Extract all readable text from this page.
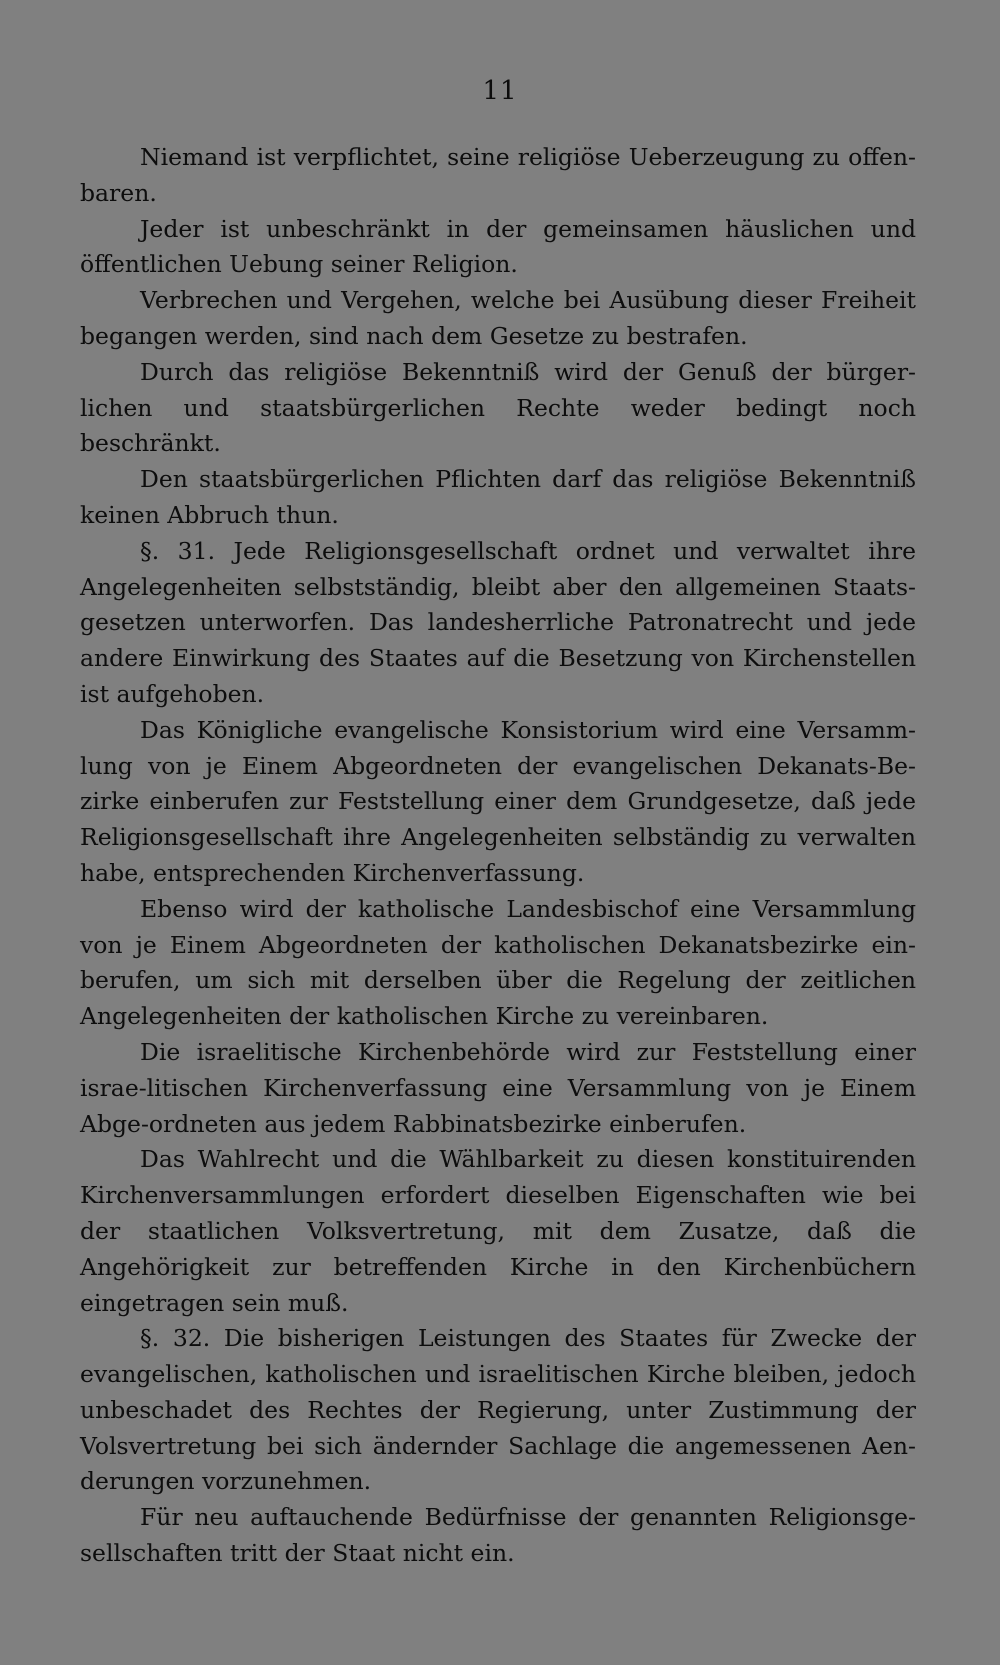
11

Niemand ist verpflichtet, seine religiöse Ueberzeugung zu offen-baren.

Jeder ist unbeschränkt in der gemeinsamen häuslichen und öffentlichen Uebung seiner Religion.

Verbrechen und Vergehen, welche bei Ausübung dieser Freiheit begangen werden, sind nach dem Gesetze zu bestrafen.

Durch das religiöse Bekenntniß wird der Genuß der bürger-lichen und staatsbürgerlichen Rechte weder bedingt noch beschränkt.

Den staatsbürgerlichen Pflichten darf das religiöse Bekenntniß keinen Abbruch thun.

§. 31. Jede Religionsgesellschaft ordnet und verwaltet ihre Angelegenheiten selbstständig, bleibt aber den allgemeinen Staats-gesetzen unterworfen. Das landesherrliche Patronatrecht und jede andere Einwirkung des Staates auf die Besetzung von Kirchenstellen ist aufgehoben.

Das Königliche evangelische Konsistorium wird eine Versamm-lung von je Einem Abgeordneten der evangelischen Dekanats-Be-zirke einberufen zur Feststellung einer dem Grundgesetze, daß jede Religionsgesellschaft ihre Angelegenheiten selbständig zu verwalten habe, entsprechenden Kirchenverfassung.

Ebenso wird der katholische Landesbischof eine Versammlung von je Einem Abgeordneten der katholischen Dekanatsbezirke ein-berufen, um sich mit derselben über die Regelung der zeitlichen Angelegenheiten der katholischen Kirche zu vereinbaren.

Die israelitische Kirchenbehörde wird zur Feststellung einer israe-litischen Kirchenverfassung eine Versammlung von je Einem Abge-ordneten aus jedem Rabbinatsbezirke einberufen.

Das Wahlrecht und die Wählbarkeit zu diesen konstituirenden Kirchenversammlungen erfordert dieselben Eigenschaften wie bei der staatlichen Volksvertretung, mit dem Zusatze, daß die Angehörigkeit zur betreffenden Kirche in den Kirchenbüchern eingetragen sein muß.

§. 32. Die bisherigen Leistungen des Staates für Zwecke der evangelischen, katholischen und israelitischen Kirche bleiben, jedoch unbeschadet des Rechtes der Regierung, unter Zustimmung der Volsvertretung bei sich ändernder Sachlage die angemessenen Aen-derungen vorzunehmen.

Für neu auftauchende Bedürfnisse der genannten Religionsge-sellschaften tritt der Staat nicht ein.
